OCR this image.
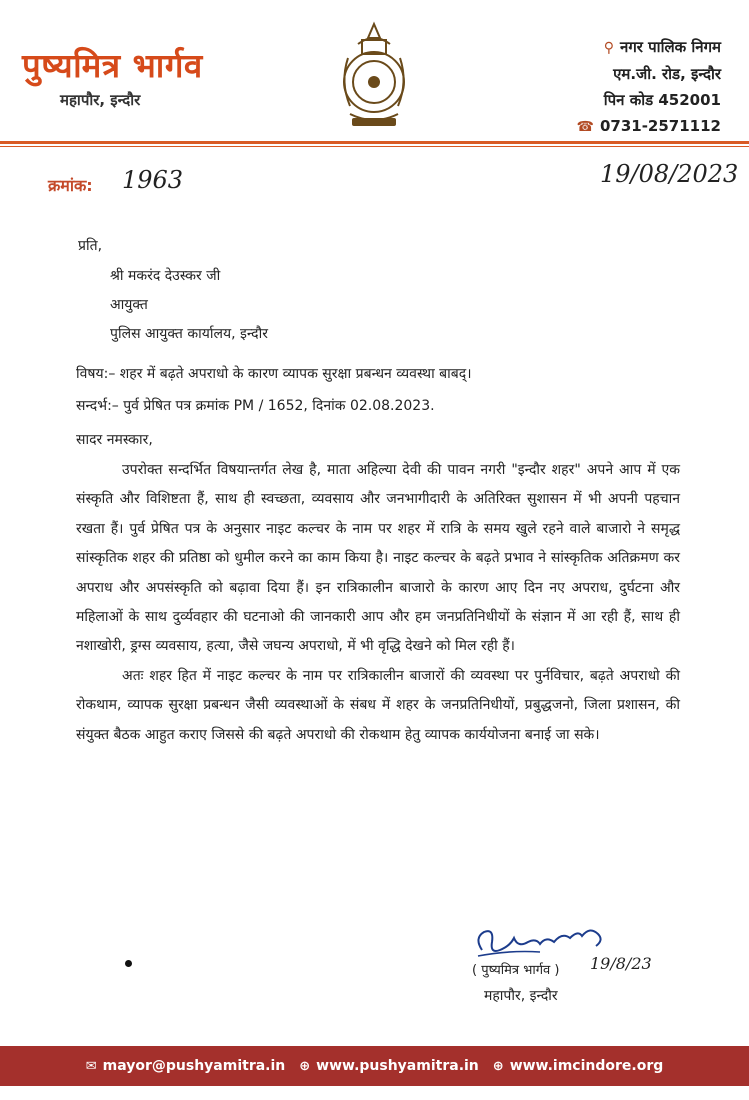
पुष्यमित्र भार्गव
महापौर, इन्दौर
⚲ नगर पालिक निगम
एम.जी. रोड, इन्दौर
पिन कोड 452001
☎ 0731-2571112
क्रमांक: 1963	19/08/2023
प्रति,
श्री मकरंद देउस्कर जी
आयुक्त
पुलिस आयुक्त कार्यालय, इन्दौर
विषय:– शहर में बढ़ते अपराधो के कारण व्यापक सुरक्षा प्रबन्धन व्यवस्था बाबद्।
सन्दर्भ:– पुर्व प्रेषित पत्र क्रमांक PM / 1652, दिनांक 02.08.2023.
सादर नमस्कार,

उपरोक्त सन्दर्भित विषयान्तर्गत लेख है, माता अहिल्या देवी की पावन नगरी "इन्दौर शहर" अपने आप में एक संस्कृति और विशिष्टता हैं, साथ ही स्वच्छता, व्यवसाय और जनभागीदारी के अतिरिक्त सुशासन में भी अपनी पहचान रखता हैं। पुर्व प्रेषित पत्र के अनुसार नाइट कल्चर के नाम पर शहर में रात्रि के समय खुले रहने वाले बाजारो ने समृद्ध सांस्कृतिक शहर की प्रतिष्ठा को धुमील करने का काम किया है। नाइट कल्चर के बढ़ते प्रभाव ने सांस्कृतिक अतिक्रमण कर अपराध और अपसंस्कृति को बढ़ावा दिया हैं। इन रात्रिकालीन बाजारो के कारण आए दिन नए अपराध, दुर्घटना और महिलाओं के साथ दुर्व्यवहार की घटनाओ की जानकारी आप और हम जनप्रतिनिधीयों के संज्ञान में आ रही हैं, साथ ही नशाखोरी, ड्रग्स व्यवसाय, हत्या, जैसे जघन्य अपराधो, में भी वृद्धि देखने को मिल रही हैं।

अतः शहर हित में नाइट कल्चर के नाम पर रात्रिकालीन बाजारों की व्यवस्था पर पुर्नविचार, बढ़ते अपराधो की रोकथाम, व्यापक सुरक्षा प्रबन्धन जैसी व्यवस्थाओं के संबध में शहर के जनप्रतिनिधीयों, प्रबुद्धजनो, जिला प्रशासन, की संयुक्त बैठक आहुत कराए जिससे की बढ़ते अपराधो की रोकथाम हेतु व्यापक कार्ययोजना बनाई जा सके।

( पुष्यमित्र भार्गव ) 19/8/23
महापौर, इन्दौर
✉ mayor@pushyamitra.in ⊕ www.pushyamitra.in ⊕ www.imcindore.org
